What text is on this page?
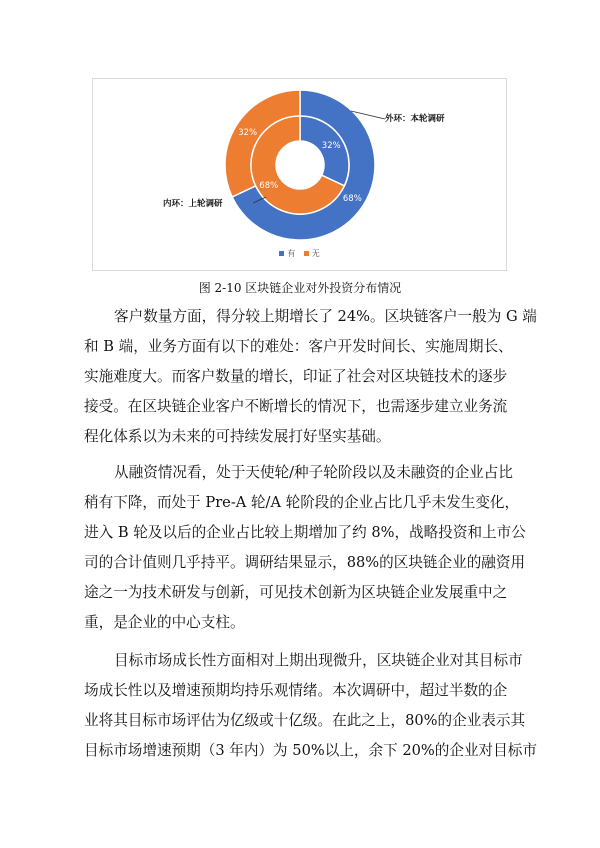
68%
32%
32%
68%
外环：本轮调研
内环：上轮调研
有 无
图 2-10 区块链企业对外投资分布情况
客户数量方面，得分较上期增长了 24%。区块链客户一般为 G 端
和 B 端，业务方面有以下的难处：客户开发时间长、实施周期长、
实施难度大。而客户数量的增长，印证了社会对区块链技术的逐步
接受。在区块链企业客户不断增长的情况下，也需逐步建立业务流
程化体系以为未来的可持续发展打好坚实基础。
从融资情况看，处于天使轮/种子轮阶段以及未融资的企业占比
稍有下降，而处于 Pre-A 轮/A 轮阶段的企业占比几乎未发生变化，
进入 B 轮及以后的企业占比较上期增加了约 8%，战略投资和上市公
司的合计值则几乎持平。调研结果显示，88%的区块链企业的融资用
途之一为技术研发与创新，可见技术创新为区块链企业发展重中之
重，是企业的中心支柱。
目标市场成长性方面相对上期出现微升，区块链企业对其目标市
场成长性以及增速预期均持乐观情绪。本次调研中，超过半数的企
业将其目标市场评估为亿级或十亿级。在此之上，80%的企业表示其
目标市场增速预期（3 年内）为 50%以上，余下 20%的企业对目标市
